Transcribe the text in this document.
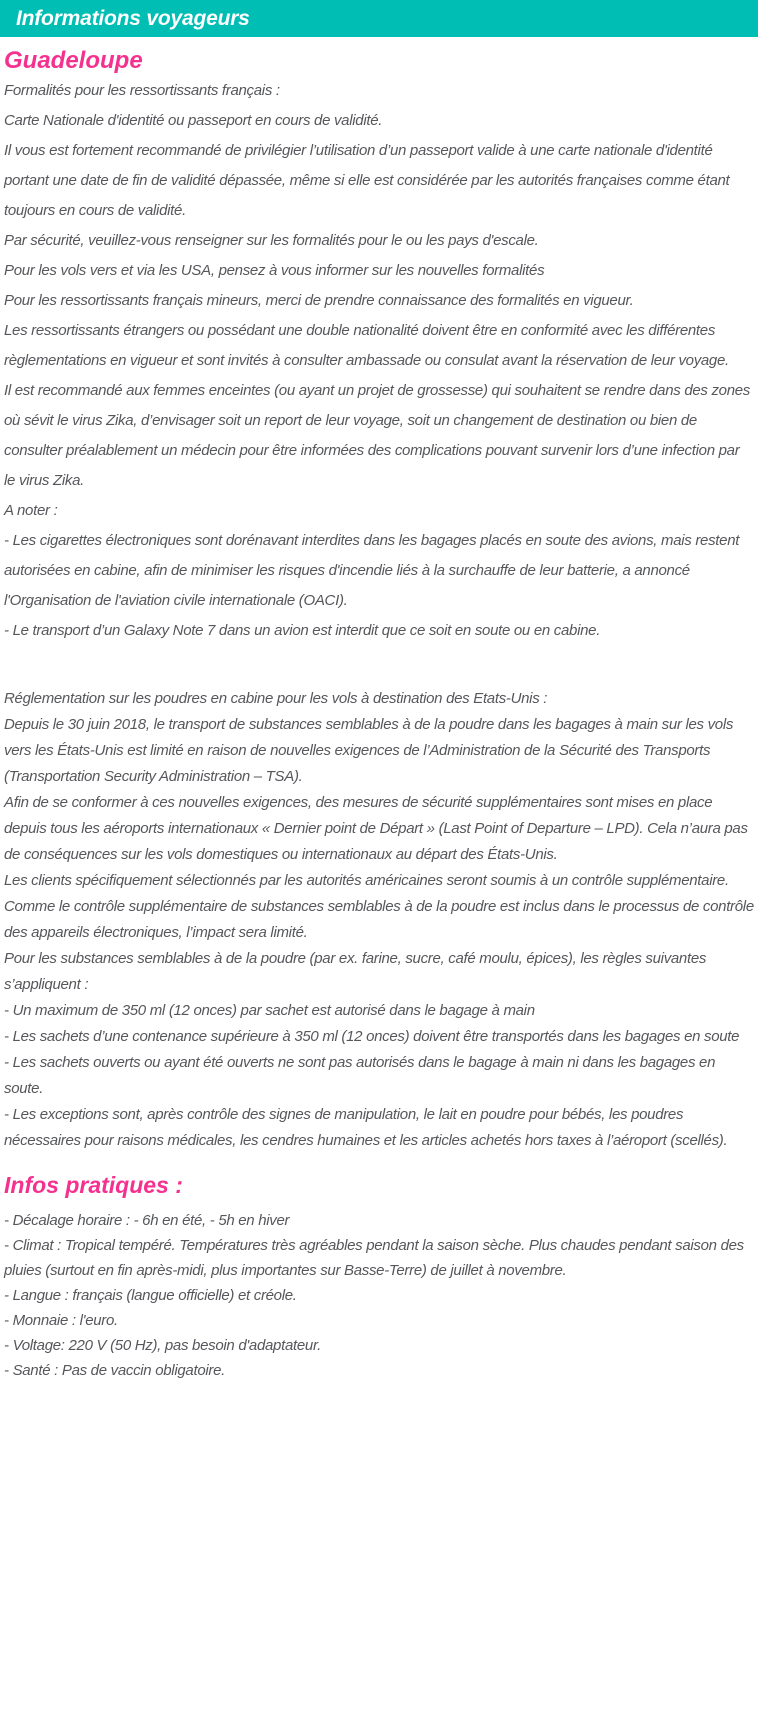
Informations voyageurs
Guadeloupe

Formalités pour les ressortissants français :

Carte Nationale d'identité ou passeport en cours de validité.

Il vous est fortement recommandé de privilégier l’utilisation d’un passeport valide à une carte nationale d'identité portant une date de fin de validité dépassée, même si elle est considérée par les autorités françaises comme étant toujours en cours de validité.

Par sécurité, veuillez-vous renseigner sur les formalités pour le ou les pays d'escale.

Pour les vols vers et via les USA, pensez à vous informer sur les nouvelles formalités

Pour les ressortissants français mineurs, merci de prendre connaissance des formalités en vigueur.

Les ressortissants étrangers ou possédant une double nationalité doivent être en conformité avec les différentes règlementations en vigueur et sont invités à consulter ambassade ou consulat avant la réservation de leur voyage.

Il est recommandé aux femmes enceintes (ou ayant un projet de grossesse) qui souhaitent se rendre dans des zones où sévit le virus Zika, d’envisager soit un report de leur voyage, soit un changement de destination ou bien de consulter préalablement un médecin pour être informées des complications pouvant survenir lors d’une infection par le virus Zika.

A noter :

- Les cigarettes électroniques sont dorénavant interdites dans les bagages placés en soute des avions, mais restent autorisées en cabine, afin de minimiser les risques d'incendie liés à la surchauffe de leur batterie, a annoncé l'Organisation de l'aviation civile internationale (OACI).

- Le transport d’un Galaxy Note 7 dans un avion est interdit que ce soit en soute ou en cabine.

Réglementation sur les poudres en cabine pour les vols à destination des Etats-Unis :

Depuis le 30 juin 2018, le transport de substances semblables à de la poudre dans les bagages à main sur les vols vers les États-Unis est limité en raison de nouvelles exigences de l’Administration de la Sécurité des Transports (Transportation Security Administration – TSA).

Afin de se conformer à ces nouvelles exigences, des mesures de sécurité supplémentaires sont mises en place depuis tous les aéroports internationaux « Dernier point de Départ » (Last Point of Departure – LPD). Cela n’aura pas de conséquences sur les vols domestiques ou internationaux au départ des États-Unis.

Les clients spécifiquement sélectionnés par les autorités américaines seront soumis à un contrôle supplémentaire.

Comme le contrôle supplémentaire de substances semblables à de la poudre est inclus dans le processus de contrôle des appareils électroniques, l’impact sera limité.

Pour les substances semblables à de la poudre (par ex. farine, sucre, café moulu, épices), les règles suivantes s’appliquent :

- Un maximum de 350 ml (12 onces) par sachet est autorisé dans le bagage à main

- Les sachets d’une contenance supérieure à 350 ml (12 onces) doivent être transportés dans les bagages en soute

- Les sachets ouverts ou ayant été ouverts ne sont pas autorisés dans le bagage à main ni dans les bagages en soute.

- Les exceptions sont, après contrôle des signes de manipulation, le lait en poudre pour bébés, les poudres nécessaires pour raisons médicales, les cendres humaines et les articles achetés hors taxes à l’aéroport (scellés).

Infos pratiques :

- Décalage horaire : - 6h en été, - 5h en hiver

- Climat : Tropical tempéré. Températures très agréables pendant la saison sèche. Plus chaudes pendant saison des pluies (surtout en fin après-midi, plus importantes sur Basse-Terre) de juillet à novembre.

- Langue : français (langue officielle) et créole.

- Monnaie : l'euro.

- Voltage: 220 V (50 Hz), pas besoin d'adaptateur.

- Santé : Pas de vaccin obligatoire.
